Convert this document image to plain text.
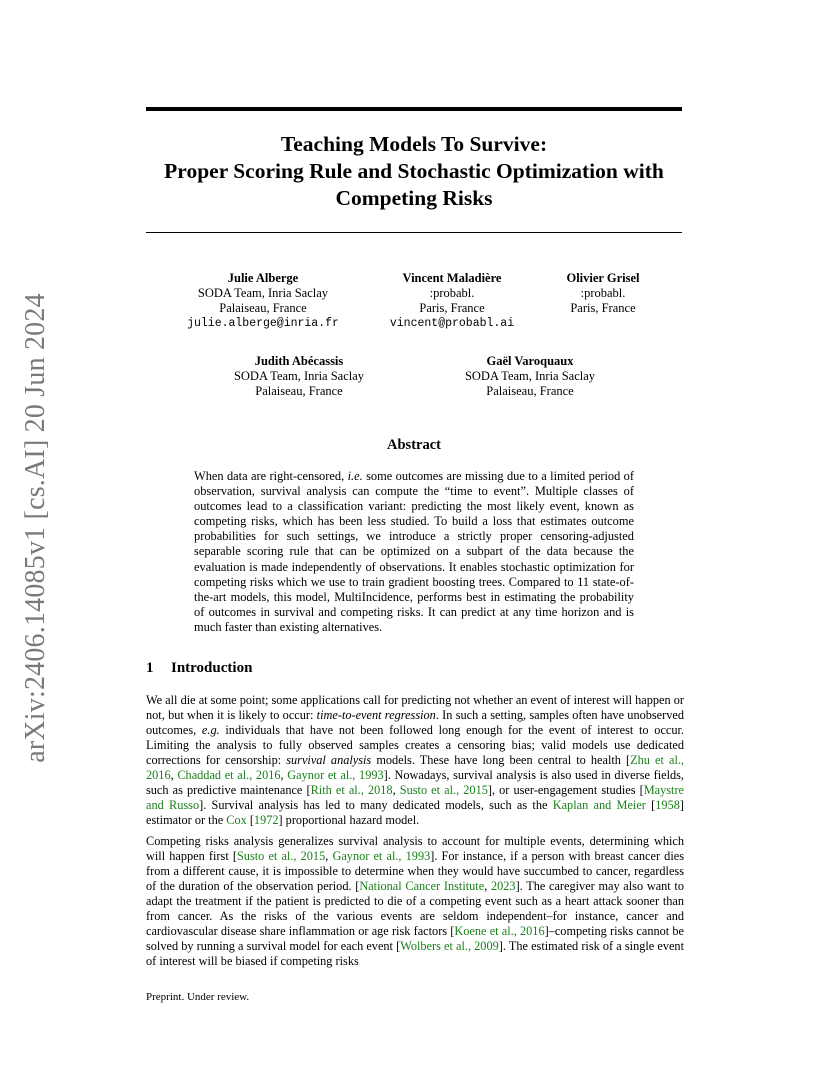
arXiv:2406.14085v1 [cs.AI] 20 Jun 2024
Teaching Models To Survive:
Proper Scoring Rule and Stochastic Optimization with
Competing Risks
Julie Alberge
SODA Team, Inria Saclay
Palaiseau, France
julie.alberge@inria.fr
Vincent Maladière
:probabl.
Paris, France
vincent@probabl.ai
Olivier Grisel
:probabl.
Paris, France
Judith Abécassis
SODA Team, Inria Saclay
Palaiseau, France
Gaël Varoquaux
SODA Team, Inria Saclay
Palaiseau, France
Abstract
When data are right-censored, i.e. some outcomes are missing due to a limited period of observation, survival analysis can compute the “time to event”. Multiple classes of outcomes lead to a classification variant: predicting the most likely event, known as competing risks, which has been less studied. To build a loss that estimates outcome probabilities for such settings, we introduce a strictly proper censoring-adjusted separable scoring rule that can be optimized on a subpart of the data because the evaluation is made independently of observations. It enables stochastic optimization for competing risks which we use to train gradient boosting trees. Compared to 11 state-of-the-art models, this model, MultiIncidence, performs best in estimating the probability of outcomes in survival and competing risks. It can predict at any time horizon and is much faster than existing alternatives.
1 Introduction
We all die at some point; some applications call for predicting not whether an event of interest will happen or not, but when it is likely to occur: time-to-event regression. In such a setting, samples often have unobserved outcomes, e.g. individuals that have not been followed long enough for the event of interest to occur. Limiting the analysis to fully observed samples creates a censoring bias; valid models use dedicated corrections for censorship: survival analysis models. These have long been central to health [Zhu et al., 2016, Chaddad et al., 2016, Gaynor et al., 1993]. Nowadays, survival analysis is also used in diverse fields, such as predictive maintenance [Rith et al., 2018, Susto et al., 2015], or user-engagement studies [Maystre and Russo]. Survival analysis has led to many dedicated models, such as the Kaplan and Meier [1958] estimator or the Cox [1972] proportional hazard model.
Competing risks analysis generalizes survival analysis to account for multiple events, determining which will happen first [Susto et al., 2015, Gaynor et al., 1993]. For instance, if a person with breast cancer dies from a different cause, it is impossible to determine when they would have succumbed to cancer, regardless of the duration of the observation period. [National Cancer Institute, 2023]. The caregiver may also want to adapt the treatment if the patient is predicted to die of a competing event such as a heart attack sooner than from cancer. As the risks of the various events are seldom independent–for instance, cancer and cardiovascular disease share inflammation or age risk factors [Koene et al., 2016]–competing risks cannot be solved by running a survival model for each event [Wolbers et al., 2009]. The estimated risk of a single event of interest will be biased if competing risks
Preprint. Under review.
